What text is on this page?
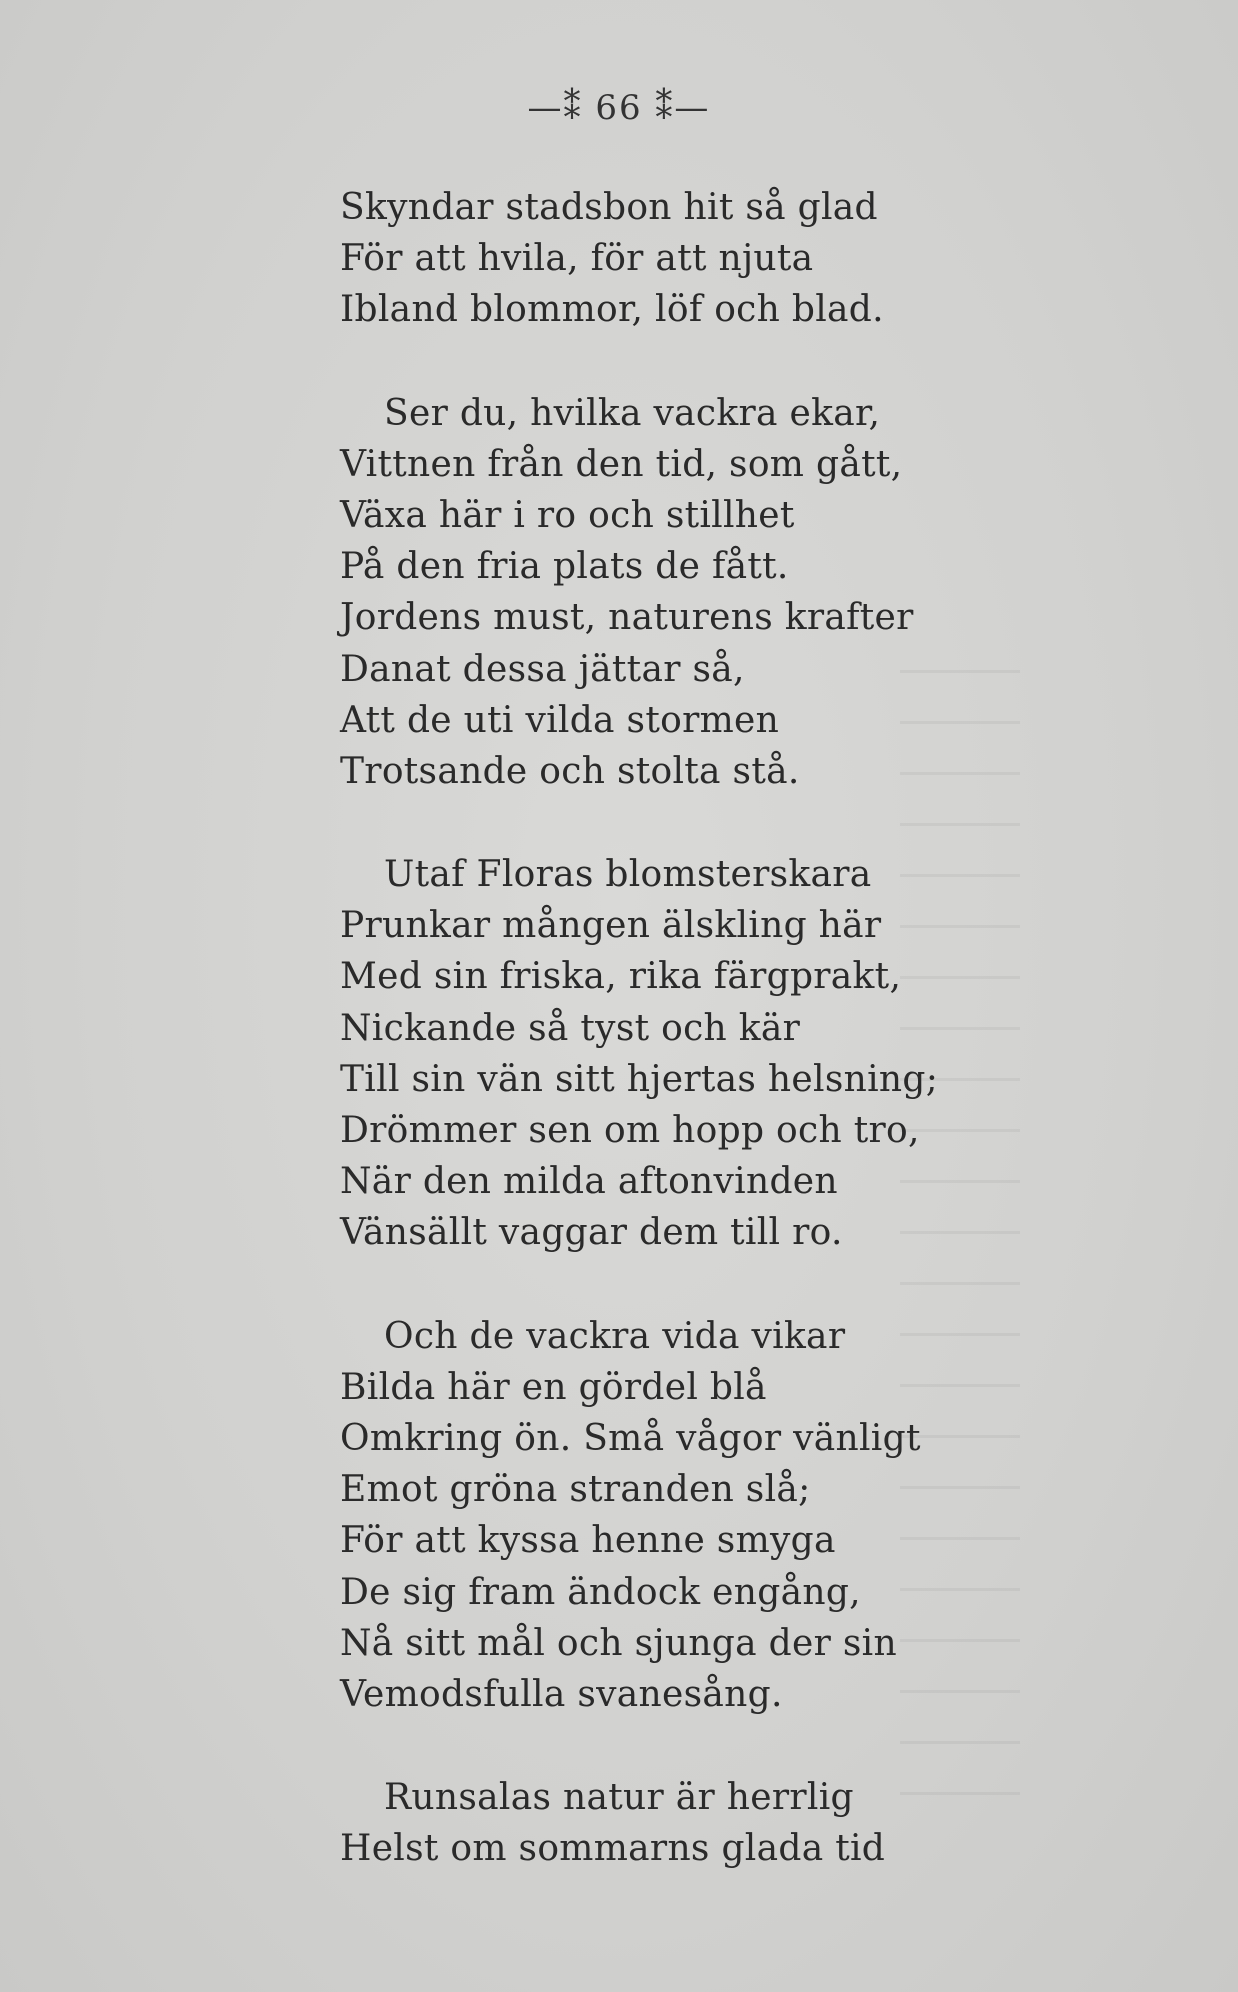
—⁑ 66 ⁑—
Skyndar stadsbon hit så glad
För att hvila, för att njuta
Ibland blommor, löf och blad.
Ser du, hvilka vackra ekar,
Vittnen från den tid, som gått,
Växa här i ro och stillhet
På den fria plats de fått.
Jordens must, naturens krafter
Danat dessa jättar så,
Att de uti vilda stormen
Trotsande och stolta stå.
Utaf Floras blomsterskara
Prunkar mången älskling här
Med sin friska, rika färgprakt,
Nickande så tyst och kär
Till sin vän sitt hjertas helsning;
Drömmer sen om hopp och tro,
När den milda aftonvinden
Vänsällt vaggar dem till ro.
Och de vackra vida vikar
Bilda här en gördel blå
Omkring ön. Små vågor vänligt
Emot gröna stranden slå;
För att kyssa henne smyga
De sig fram ändock engång,
Nå sitt mål och sjunga der sin
Vemodsfulla svanesång.
Runsalas natur är herrlig
Helst om sommarns glada tid
